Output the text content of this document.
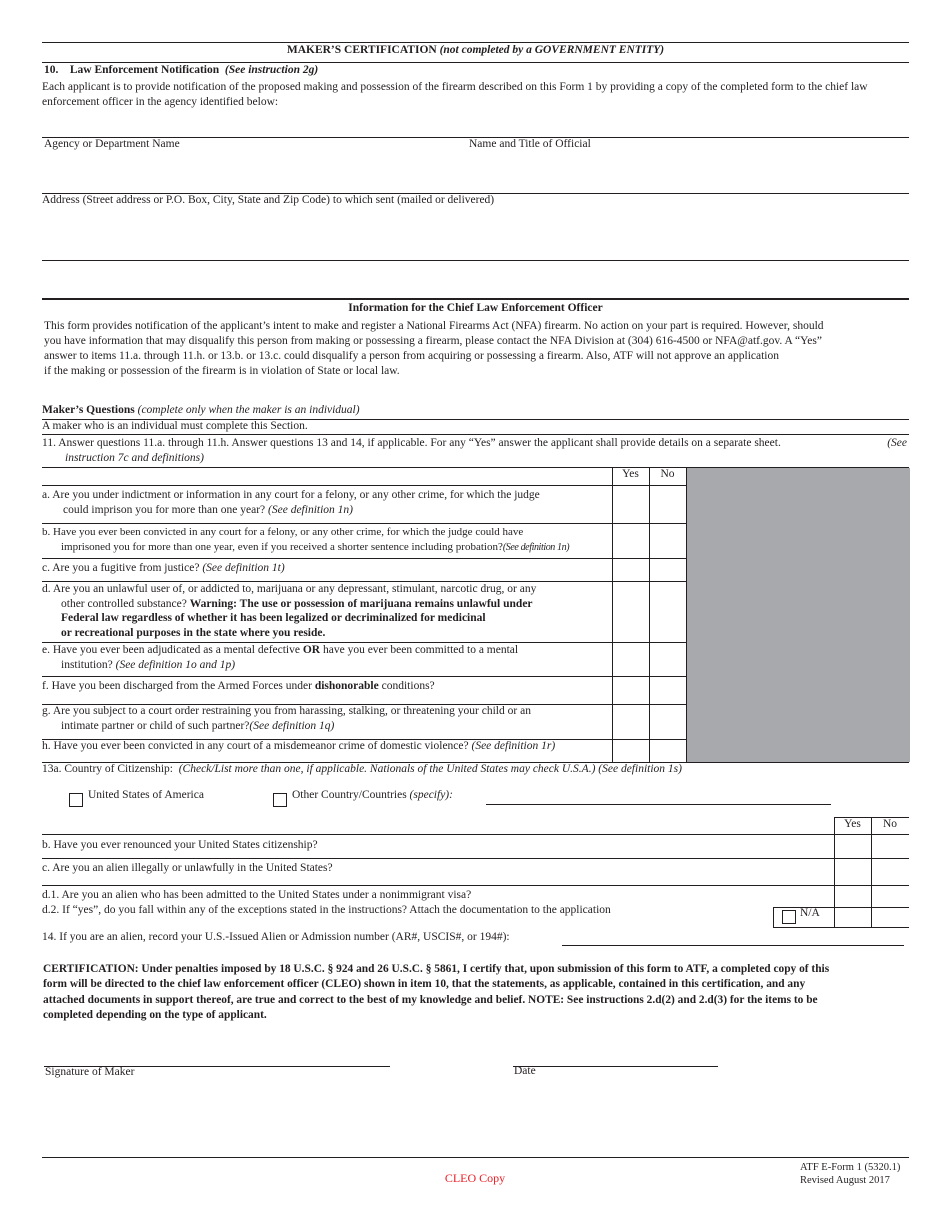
MAKER’S CERTIFICATION (not completed by a GOVERNMENT ENTITY)
10. Law Enforcement Notification (See instruction 2g)

Each applicant is to provide notification of the proposed making and possession of the firearm described on this Form 1 by providing a copy of the completed form to the chief law enforcement officer in the agency identified below:

Agency or Department Name	Name and Title of Official
Address (Street address or P.O. Box, City, State and Zip Code) to which sent (mailed or delivered)
Information for the Chief Law Enforcement Officer
This form provides notification of the applicant’s intent to make and register a National Firearms Act (NFA) firearm. No action on your part is required. However, should
you have information that may disqualify this person from making or possessing a firearm, please contact the NFA Division at (304) 616-4500 or NFA@atf.gov. A “Yes”
answer to items 11.a. through 11.h. or 13.b. or 13.c. could disqualify a person from acquiring or possessing a firearm. Also, ATF will not approve an application
if the making or possession of the firearm is in violation of State or local law.
Maker’s Questions (complete only when the maker is an individual)
A maker who is an individual must complete this Section.
11. Answer questions 11.a. through 11.h. Answer questions 13 and 14, if applicable. For any “Yes” answer the applicant shall provide details on a separate sheet.	(See
instruction 7c and definitions)
Yes	No
a. Are you under indictment or information in any court for a felony, or any other crime, for which the judge
could imprison you for more than one year? (See definition 1n)
b. Have you ever been convicted in any court for a felony, or any other crime, for which the judge could have
imprisoned you for more than one year, even if you received a shorter sentence including probation?(See definition 1n)
c. Are you a fugitive from justice? (See definition 1t)
d. Are you an unlawful user of, or addicted to, marijuana or any depressant, stimulant, narcotic drug, or any
other controlled substance? Warning: The use or possession of marijuana remains unlawful under
Federal law regardless of whether it has been legalized or decriminalized for medicinal
or recreational purposes in the state where you reside.
e. Have you ever been adjudicated as a mental defective OR have you ever been committed to a mental
institution? (See definition 1o and 1p)
f. Have you been discharged from the Armed Forces under dishonorable conditions?
g. Are you subject to a court order restraining you from harassing, stalking, or threatening your child or an
intimate partner or child of such partner?(See definition 1q)
h. Have you ever been convicted in any court of a misdemeanor crime of domestic violence? (See definition 1r)
13a. Country of Citizenship: (Check/List more than one, if applicable. Nationals of the United States may check U.S.A.) (See definition 1s)
United States of America	Other Country/Countries (specify):
Yes	No
b. Have you ever renounced your United States citizenship?
c. Are you an alien illegally or unlawfully in the United States?
d.1. Are you an alien who has been admitted to the United States under a nonimmigrant visa?
d.2. If “yes”, do you fall within any of the exceptions stated in the instructions? Attach the documentation to the application	N/A
14. If you are an alien, record your U.S.-Issued Alien or Admission number (AR#, USCIS#, or 194#):
CERTIFICATION: Under penalties imposed by 18 U.S.C. § 924 and 26 U.S.C. § 5861, I certify that, upon submission of this form to ATF, a completed copy of this
form will be directed to the chief law enforcement officer (CLEO) shown in item 10, that the statements, as applicable, contained in this certification, and any
attached documents in support thereof, are true and correct to the best of my knowledge and belief. NOTE: See instructions 2.d(2) and 2.d(3) for the items to be
completed depending on the type of applicant.
Signature of Maker	Date
CLEO Copy
ATF E-Form 1 (5320.1)
Revised August 2017
